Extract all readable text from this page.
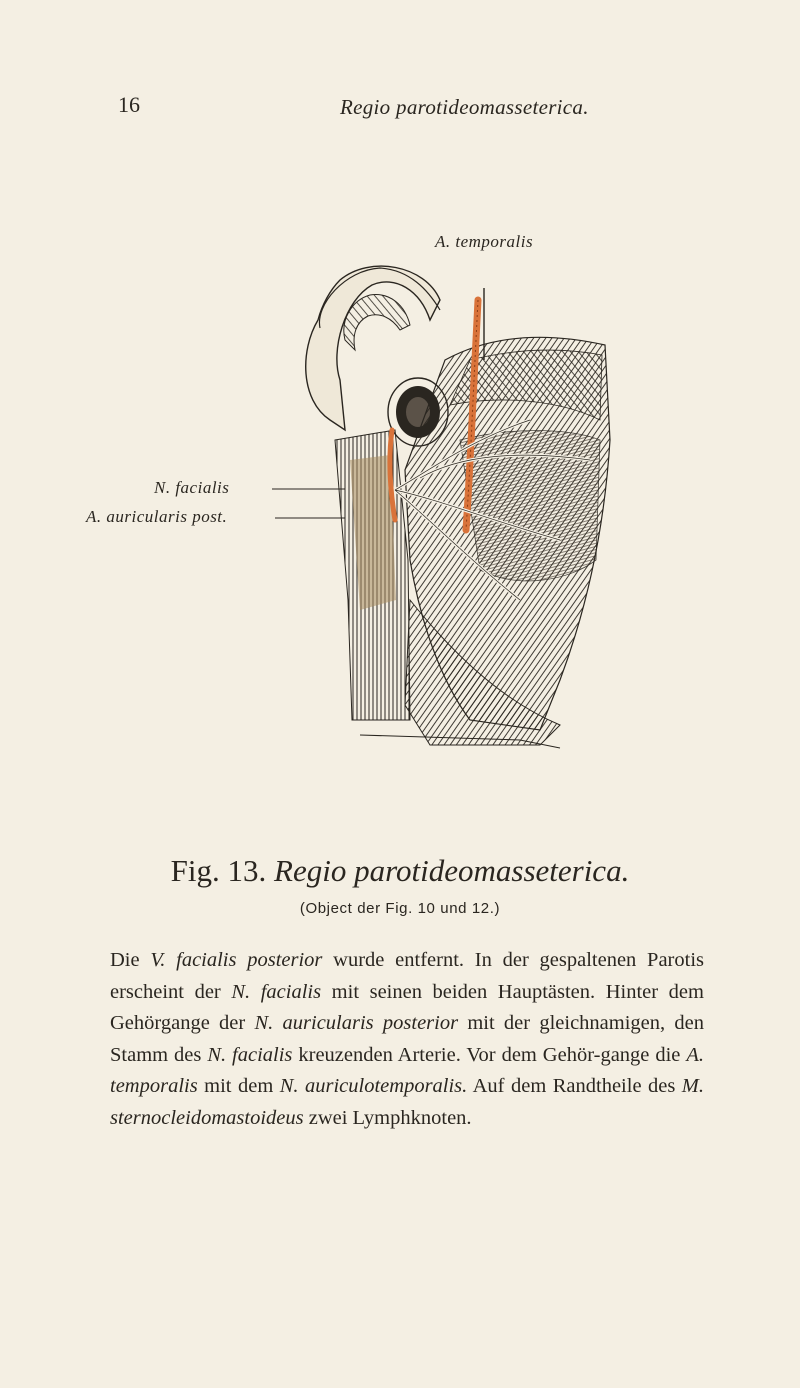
16	Regio parotideomasseterica.
A. temporalis
N. facialis
A. auricularis post.
Fig. 13. Regio parotideomasseterica.
(Object der Fig. 10 und 12.)

Die V. facialis posterior wurde entfernt. In der gespaltenen Parotis erscheint der N. facialis mit seinen beiden Hauptästen. Hinter dem Gehörgange der N. auricularis posterior mit der gleichnamigen, den Stamm des N. facialis kreuzenden Arterie. Vor dem Gehör-gange die A. temporalis mit dem N. auriculotemporalis. Auf dem Randtheile des M. sternocleidomastoideus zwei Lymphknoten.
